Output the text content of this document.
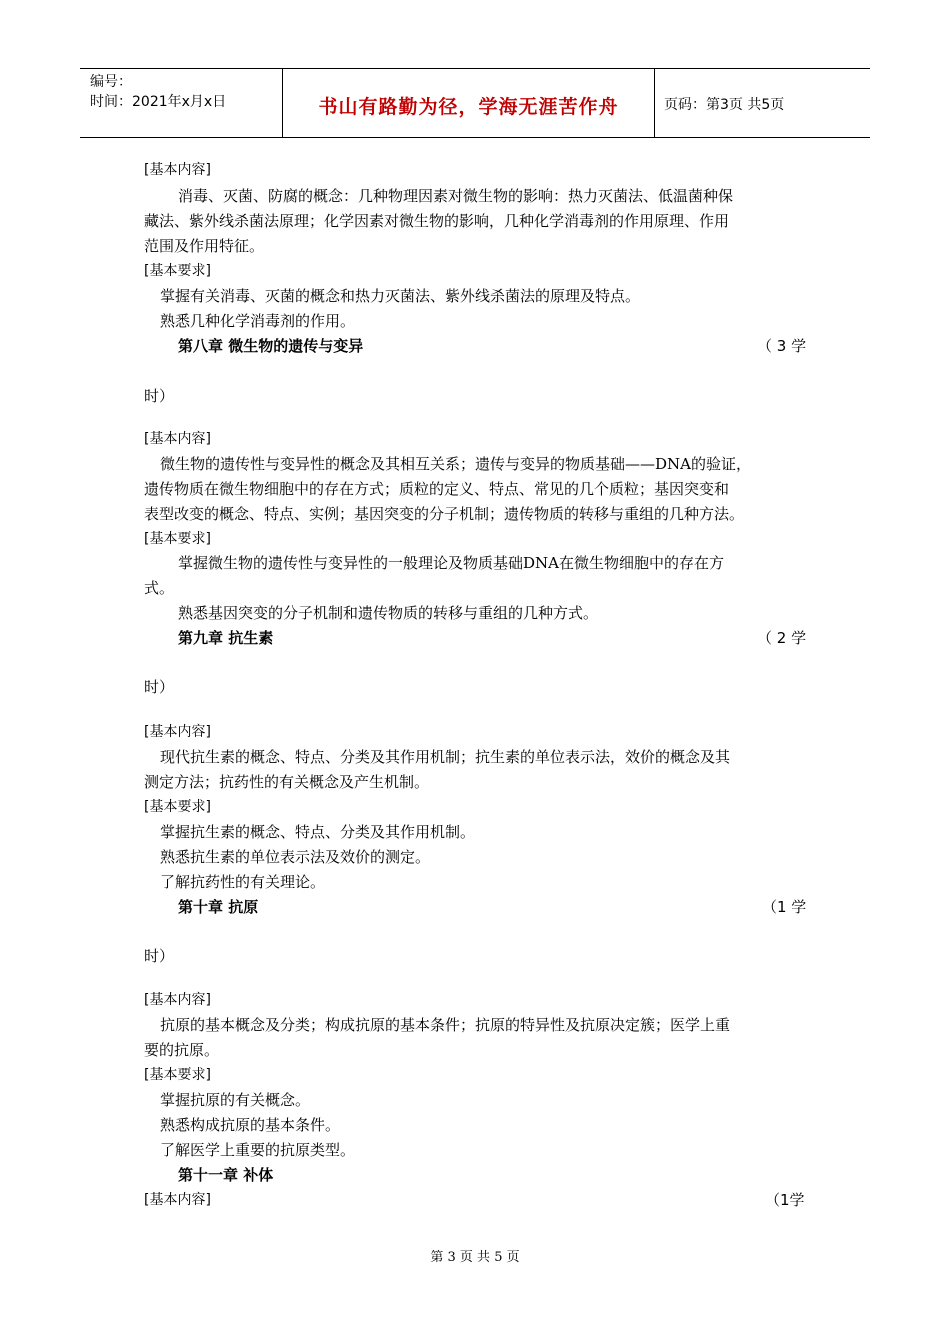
编号：
时间：2021年x月x日	书山有路勤为径，学海无涯苦作舟	页码：第3页 共5页
[基本内容]
消毒、灭菌、防腐的概念：几种物理因素对微生物的影响：热力灭菌法、低温菌种保
藏法、紫外线杀菌法原理；化学因素对微生物的影响，几种化学消毒剂的作用原理、作用
范围及作用特征。
[基本要求]
掌握有关消毒、灭菌的概念和热力灭菌法、紫外线杀菌法的原理及特点。
熟悉几种化学消毒剂的作用。
第八章 微生物的遗传与变异	（ 3 学
时）
[基本内容]
微生物的遗传性与变异性的概念及其相互关系；遗传与变异的物质基础——DNA的验证，
遗传物质在微生物细胞中的存在方式；质粒的定义、特点、常见的几个质粒；基因突变和
表型改变的概念、特点、实例；基因突变的分子机制；遗传物质的转移与重组的几种方法。
[基本要求]
掌握微生物的遗传性与变异性的一般理论及物质基础DNA在微生物细胞中的存在方
式。
熟悉基因突变的分子机制和遗传物质的转移与重组的几种方式。
第九章 抗生素	（ 2 学
时）
[基本内容]
现代抗生素的概念、特点、分类及其作用机制；抗生素的单位表示法，效价的概念及其
测定方法；抗药性的有关概念及产生机制。
[基本要求]
掌握抗生素的概念、特点、分类及其作用机制。
熟悉抗生素的单位表示法及效价的测定。
了解抗药性的有关理论。
第十章 抗原	（1 学
时）
[基本内容]
抗原的基本概念及分类；构成抗原的基本条件；抗原的特异性及抗原决定簇；医学上重
要的抗原。
[基本要求]
掌握抗原的有关概念。
熟悉构成抗原的基本条件。
了解医学上重要的抗原类型。
第十一章 补体
[基本内容]	（1学
第 3 页 共 5 页
